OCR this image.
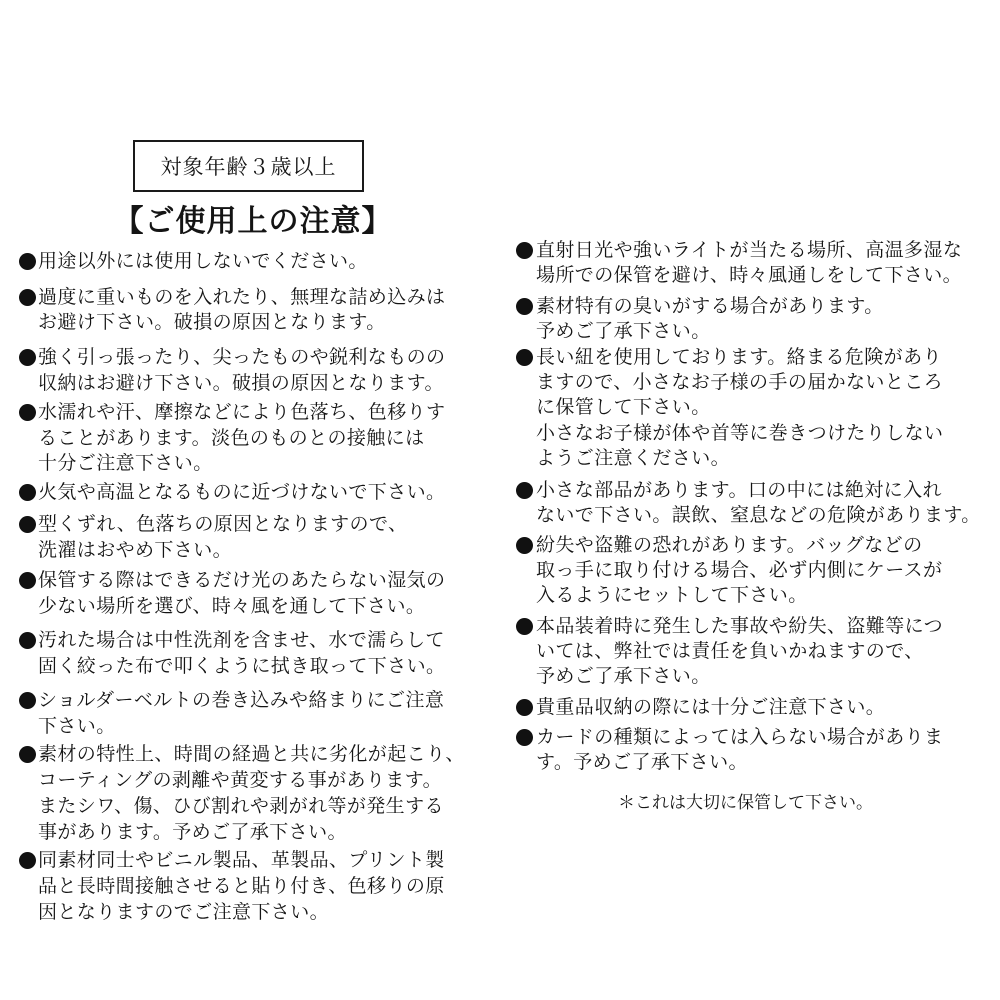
対象年齢３歳以上
【ご使用上の注意】
用途以外には使用しないでください。
過度に重いものを入れたり、無理な詰め込みは
お避け下さい。破損の原因となります。
強く引っ張ったり、尖ったものや鋭利なものの
収納はお避け下さい。破損の原因となります。
水濡れや汗、摩擦などにより色落ち、色移りす
ることがあります。淡色のものとの接触には
十分ご注意下さい。
火気や高温となるものに近づけないで下さい。
型くずれ、色落ちの原因となりますので、
洗濯はおやめ下さい。
保管する際はできるだけ光のあたらない湿気の
少ない場所を選び、時々風を通して下さい。
汚れた場合は中性洗剤を含ませ、水で濡らして
固く絞った布で叩くように拭き取って下さい。
ショルダーベルトの巻き込みや絡まりにご注意
下さい。
素材の特性上、時間の経過と共に劣化が起こり、
コーティングの剥離や黄変する事があります。
またシワ、傷、ひび割れや剥がれ等が発生する
事があります。予めご了承下さい。
同素材同士やビニル製品、革製品、プリント製
品と長時間接触させると貼り付き、色移りの原
因となりますのでご注意下さい。
直射日光や強いライトが当たる場所、高温多湿な
場所での保管を避け、時々風通しをして下さい。
素材特有の臭いがする場合があります。
予めご了承下さい。
長い紐を使用しております。絡まる危険があり
ますので、小さなお子様の手の届かないところ
に保管して下さい。
小さなお子様が体や首等に巻きつけたりしない
ようご注意ください。
小さな部品があります。口の中には絶対に入れ
ないで下さい。誤飲、窒息などの危険があります。
紛失や盗難の恐れがあります。バッグなどの
取っ手に取り付ける場合、必ず内側にケースが
入るようにセットして下さい。
本品装着時に発生した事故や紛失、盗難等につ
いては、弊社では責任を負いかねますので、
予めご了承下さい。
貴重品収納の際には十分ご注意下さい。
カードの種類によっては入らない場合がありま
す。予めご了承下さい。
＊これは大切に保管して下さい。
